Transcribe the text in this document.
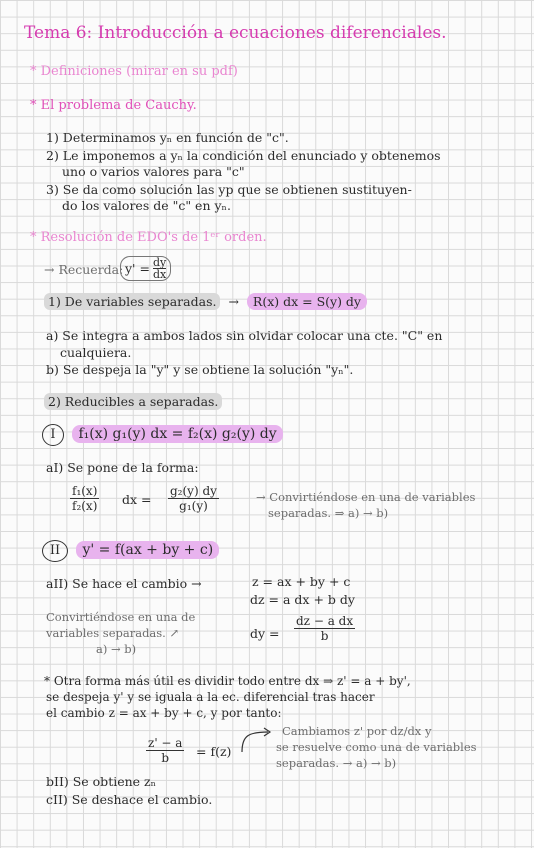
Tema 6: Introducción a ecuaciones diferenciales.
* Definiciones (mirar en su pdf)
* El problema de Cauchy.
1) Determinamos yₙ en función de "c".
2) Le imponemos a yₙ la condición del enunciado y obtenemos
uno o varios valores para "c"
3) Se da como solución las yp que se obtienen sustituyen-
do los valores de "c" en yₙ.
* Resolución de EDO's de 1ᵉʳ orden.
→ Recuerda: $y' = \frac{dy}{dx}$
1) De variables separadas. → R(x) dx = S(y) dy
a) Se integra a ambos lados sin olvidar colocar una cte. "C" en
cualquiera.
b) Se despeja la "y" y se obtiene la solución "yₙ".
2) Reducibles a separadas.
I f₁(x) g₁(y) dx = f₂(x) g₂(y) dy
aI) Se pone de la forma:
$\frac{\text{f₁(x)}}{\text{f₂(x)}}$ dx = $\frac{\text{g₂(y) dy}}{\text{g₁(y)}}$	→ Convirtiéndose en una de variables
separadas. ⇒ a) → b)
II y' = f(ax + by + c)
aII) Se hace el cambio →	z = ax + by + c
dz = a dx + b dy
Convirtiéndose en una de
variables separadas. ↗
a) → b)
dy = $\frac{\text{dz − a dx}}{b}$
* Otra forma más útil es dividir todo entre dx ⇒ z' = a + by',
se despeja y' y se iguala a la ec. diferencial tras hacer
el cambio z = ax + by + c, y por tanto:
$\frac{z' - a}{b} = f(z)$
Cambiamos z' por dz/dx y
se resuelve como una de variables
separadas. → a) → b)
bII) Se obtiene zₙ
cII) Se deshace el cambio.
